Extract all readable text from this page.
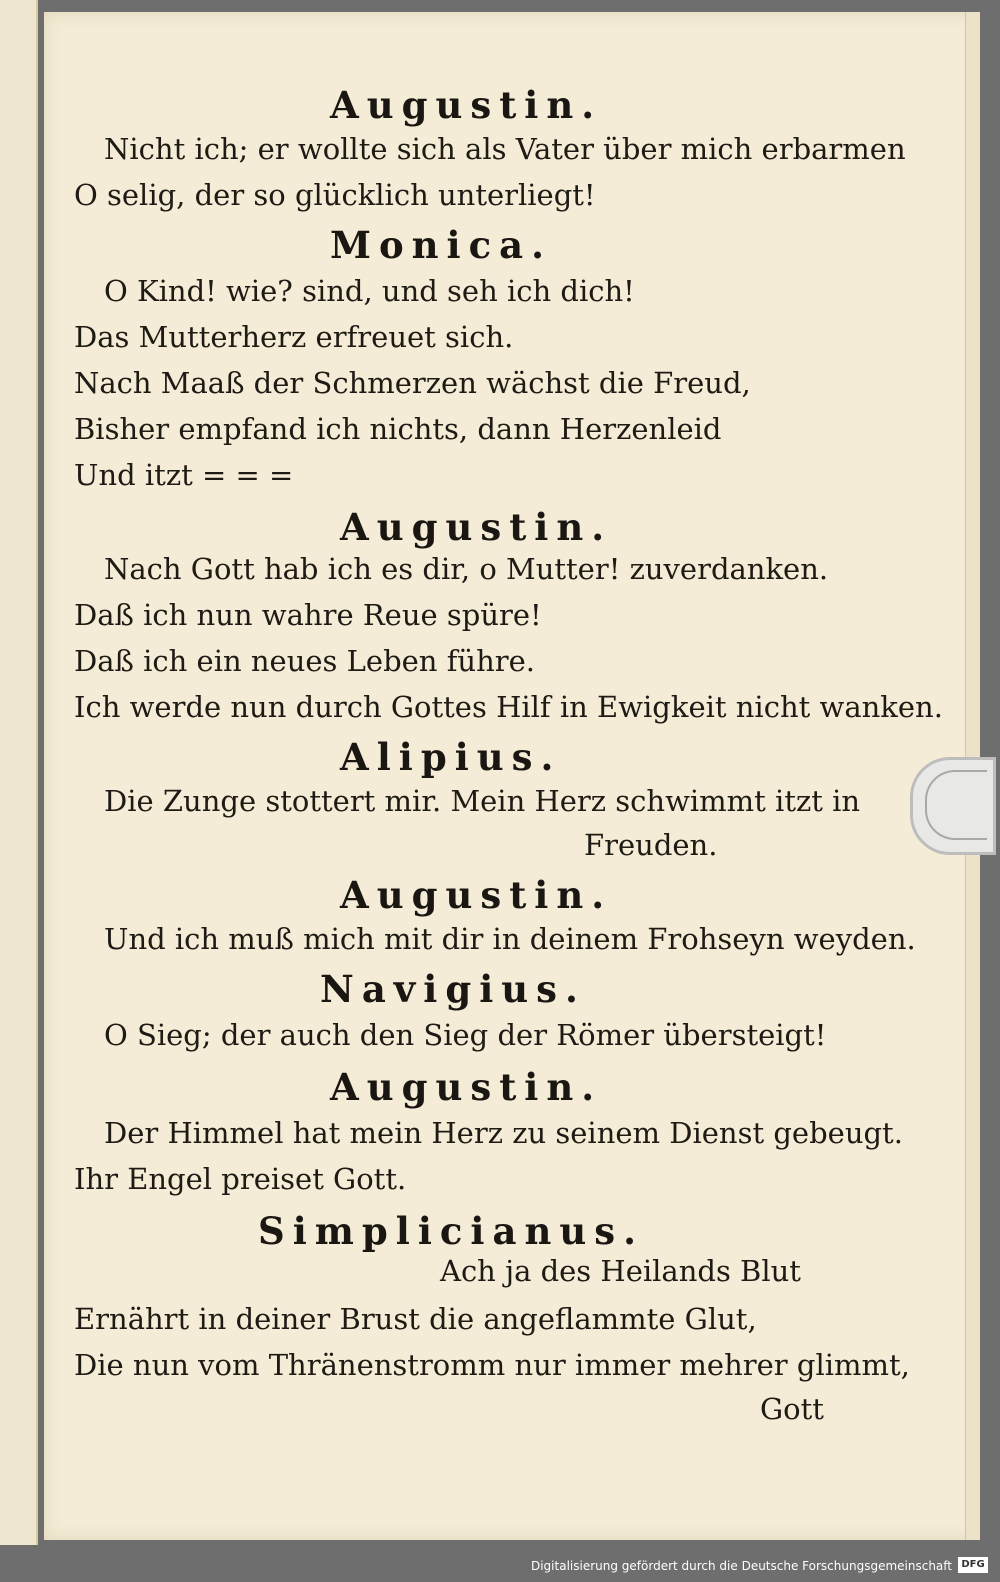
Augustin.
Nicht ich; er wollte sich als Vater über mich erbarmen
O selig, der so glücklich unterliegt!
Monica.
O Kind! wie? sind, und seh ich dich!
Das Mutterherz erfreuet sich.
Nach Maaß der Schmerzen wächst die Freud,
Bisher empfand ich nichts, dann Herzenleid
Und itzt = = =
Augustin.
Nach Gott hab ich es dir, o Mutter! zuverdanken.
Daß ich nun wahre Reue spüre!
Daß ich ein neues Leben führe.
Ich werde nun durch Gottes Hilf in Ewigkeit nicht wanken.
Alipius.
Die Zunge stottert mir. Mein Herz schwimmt itzt in
Freuden.
Augustin.
Und ich muß mich mit dir in deinem Frohseyn weyden.
Navigius.
O Sieg; der auch den Sieg der Römer übersteigt!
Augustin.
Der Himmel hat mein Herz zu seinem Dienst gebeugt.
Ihr Engel preiset Gott.
Simplicianus.
Ach ja des Heilands Blut
Ernährt in deiner Brust die angeflammte Glut,
Die nun vom Thränenstromm nur immer mehrer glimmt,
Gott
Digitalisierung gefördert durch die Deutsche Forschungsgemeinschaft DFG
